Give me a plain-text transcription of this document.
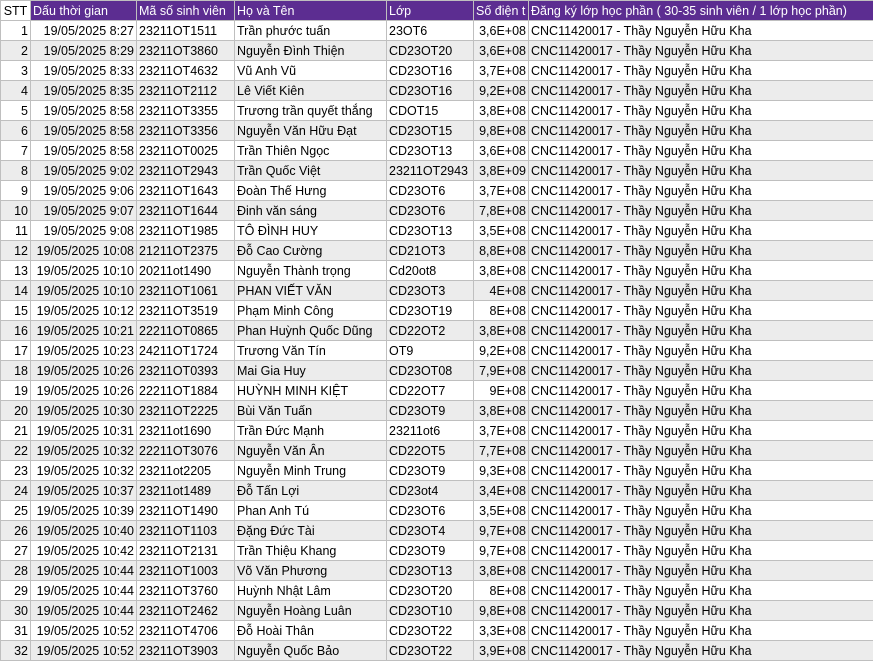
STT	Dấu thời gian	Mã số sinh viên	Họ và Tên	Lớp	Số điện t	Đăng ký lớp học phần ( 30-35 sinh viên / 1 lớp học phần)
1	19/05/2025 8:27	23211OT1511	Trần phước tuấn	23OT6	3,6E+08	CNC11420017 - Thầy Nguyễn Hữu Kha
2	19/05/2025 8:29	23211OT3860	Nguyễn Đình Thiện	CD23OT20	3,6E+08	CNC11420017 - Thầy Nguyễn Hữu Kha
3	19/05/2025 8:33	23211OT4632	Vũ Anh Vũ	CD23OT16	3,7E+08	CNC11420017 - Thầy Nguyễn Hữu Kha
4	19/05/2025 8:35	23211OT2112	Lê Viết Kiên	CD23OT16	9,2E+08	CNC11420017 - Thầy Nguyễn Hữu Kha
5	19/05/2025 8:58	23211OT3355	Trương trần quyết thắng	CDOT15	3,8E+08	CNC11420017 - Thầy Nguyễn Hữu Kha
6	19/05/2025 8:58	23211OT3356	Nguyễn Văn Hữu Đạt	CD23OT15	9,8E+08	CNC11420017 - Thầy Nguyễn Hữu Kha
7	19/05/2025 8:58	23211OT0025	Trần Thiên Ngọc	CD23OT13	3,6E+08	CNC11420017 - Thầy Nguyễn Hữu Kha
8	19/05/2025 9:02	23211OT2943	Trần Quốc Việt	23211OT2943	3,8E+09	CNC11420017 - Thầy Nguyễn Hữu Kha
9	19/05/2025 9:06	23211OT1643	Đoàn Thế Hưng	CD23OT6	3,7E+08	CNC11420017 - Thầy Nguyễn Hữu Kha
10	19/05/2025 9:07	23211OT1644	Đinh văn sáng	CD23OT6	7,8E+08	CNC11420017 - Thầy Nguyễn Hữu Kha
11	19/05/2025 9:08	23211OT1985	TÔ ĐÌNH HUY	CD23OT13	3,5E+08	CNC11420017 - Thầy Nguyễn Hữu Kha
12	19/05/2025 10:08	21211OT2375	Đỗ Cao Cường	CD21OT3	8,8E+08	CNC11420017 - Thầy Nguyễn Hữu Kha
13	19/05/2025 10:10	20211ot1490	Nguyễn Thành trọng	Cd20ot8	3,8E+08	CNC11420017 - Thầy Nguyễn Hữu Kha
14	19/05/2025 10:10	23211OT1061	PHAN VIẾT VĂN	CD23OT3	4E+08	CNC11420017 - Thầy Nguyễn Hữu Kha
15	19/05/2025 10:12	23211OT3519	Phạm Minh Công	CD23OT19	8E+08	CNC11420017 - Thầy Nguyễn Hữu Kha
16	19/05/2025 10:21	22211OT0865	Phan Huỳnh Quốc Dũng	CD22OT2	3,8E+08	CNC11420017 - Thầy Nguyễn Hữu Kha
17	19/05/2025 10:23	24211OT1724	Trương Văn Tín	OT9	9,2E+08	CNC11420017 - Thầy Nguyễn Hữu Kha
18	19/05/2025 10:26	23211OT0393	Mai Gia Huy	CD23OT08	7,9E+08	CNC11420017 - Thầy Nguyễn Hữu Kha
19	19/05/2025 10:26	22211OT1884	HUỲNH MINH KIỆT	CD22OT7	9E+08	CNC11420017 - Thầy Nguyễn Hữu Kha
20	19/05/2025 10:30	23211OT2225	Bùi Văn Tuấn	CD23OT9	3,8E+08	CNC11420017 - Thầy Nguyễn Hữu Kha
21	19/05/2025 10:31	23211ot1690	Trần Đức Mạnh	23211ot6	3,7E+08	CNC11420017 - Thầy Nguyễn Hữu Kha
22	19/05/2025 10:32	22211OT3076	Nguyễn Văn Ân	CD22OT5	7,7E+08	CNC11420017 - Thầy Nguyễn Hữu Kha
23	19/05/2025 10:32	23211ot2205	Nguyễn Minh Trung	CD23OT9	9,3E+08	CNC11420017 - Thầy Nguyễn Hữu Kha
24	19/05/2025 10:37	23211ot1489	Đỗ Tấn Lợi	CD23ot4	3,4E+08	CNC11420017 - Thầy Nguyễn Hữu Kha
25	19/05/2025 10:39	23211OT1490	Phan Anh Tú	CD23OT6	3,5E+08	CNC11420017 - Thầy Nguyễn Hữu Kha
26	19/05/2025 10:40	23211OT1103	Đặng Đức Tài	CD23OT4	9,7E+08	CNC11420017 - Thầy Nguyễn Hữu Kha
27	19/05/2025 10:42	23211OT2131	Trần Thiệu Khang	CD23OT9	9,7E+08	CNC11420017 - Thầy Nguyễn Hữu Kha
28	19/05/2025 10:44	23211OT1003	Võ Văn Phương	CD23OT13	3,8E+08	CNC11420017 - Thầy Nguyễn Hữu Kha
29	19/05/2025 10:44	23211OT3760	Huỳnh Nhật Lâm	CD23OT20	8E+08	CNC11420017 - Thầy Nguyễn Hữu Kha
30	19/05/2025 10:44	23211OT2462	Nguyễn Hoàng Luân	CD23OT10	9,8E+08	CNC11420017 - Thầy Nguyễn Hữu Kha
31	19/05/2025 10:52	23211OT4706	Đỗ Hoài Thân	CD23OT22	3,3E+08	CNC11420017 - Thầy Nguyễn Hữu Kha
32	19/05/2025 10:52	23211OT3903	Nguyễn Quốc Bảo	CD23OT22	3,9E+08	CNC11420017 - Thầy Nguyễn Hữu Kha
